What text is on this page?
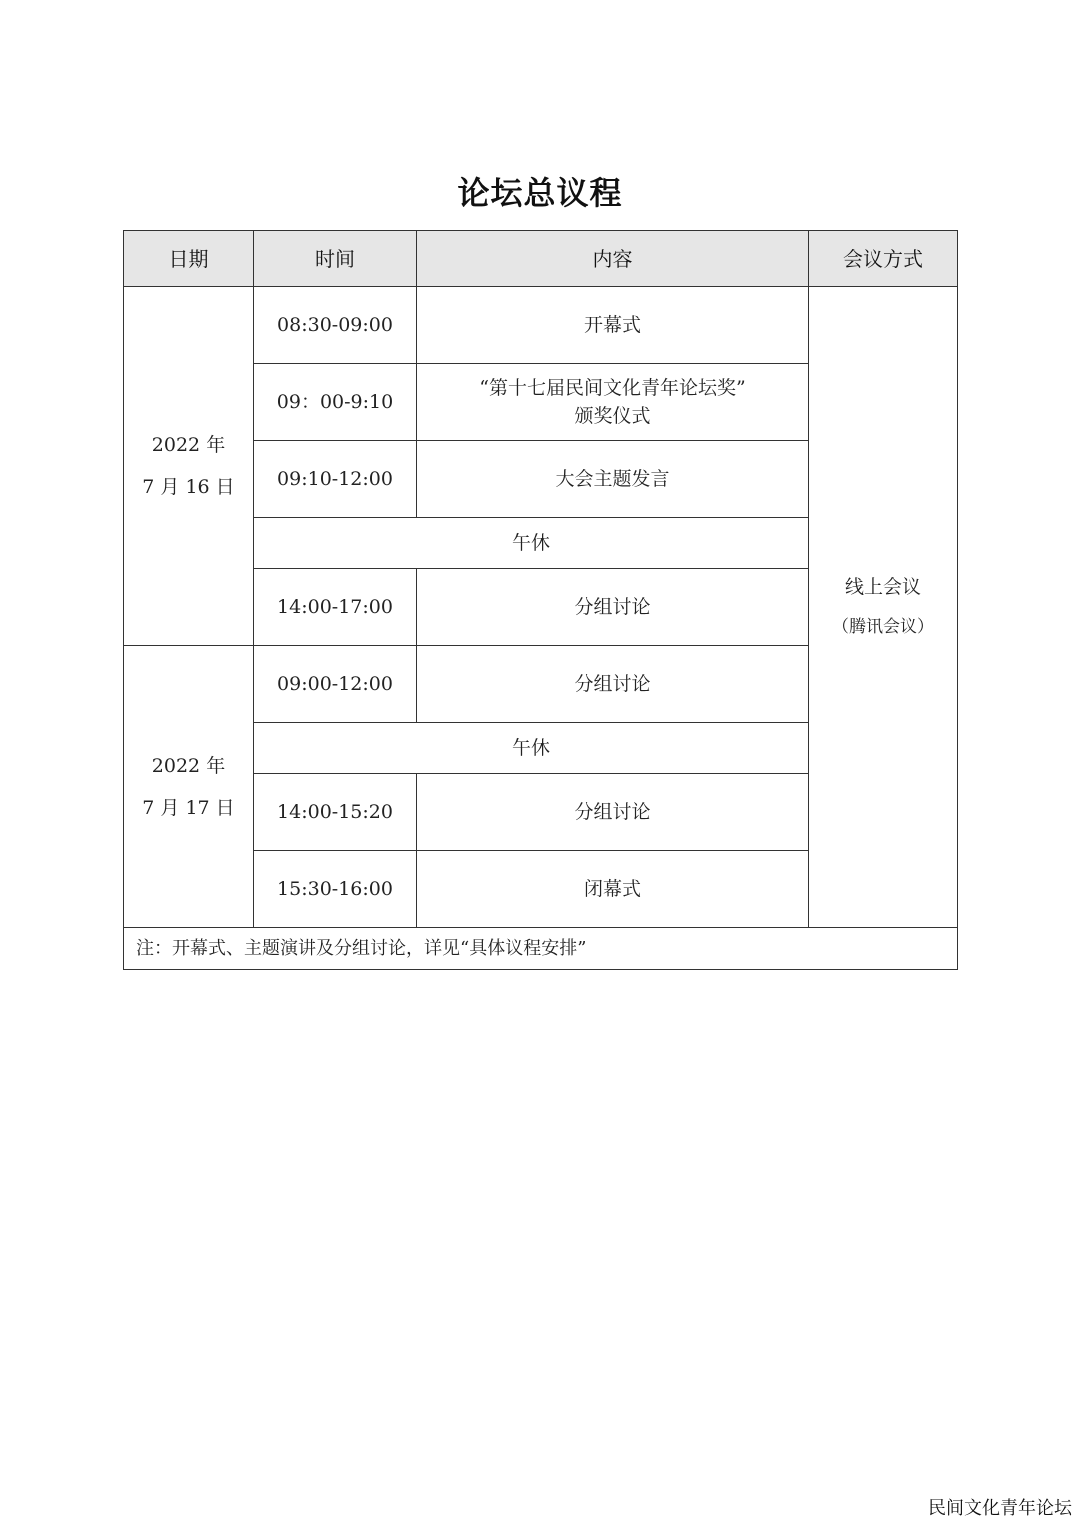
论坛总议程
日期	时间	内容	会议方式

2022 年
7 月 16 日	08:30-09:00	开幕式	线上会议
（腾讯会议）

	09：00-9:10	“第十七届民间文化青年论坛奖”
颁奖仪式	

	09:10-12:00	大会主题发言	
	午休		
	14:00-17:00	分组讨论	

2022 年
7 月 17 日	09:00-12:00	分组讨论	
	午休		
	14:00-15:20	分组讨论	
	15:30-16:00	闭幕式	
注：开幕式、主题演讲及分组讨论，详见“具体议程安排”			
民间文化青年论坛
